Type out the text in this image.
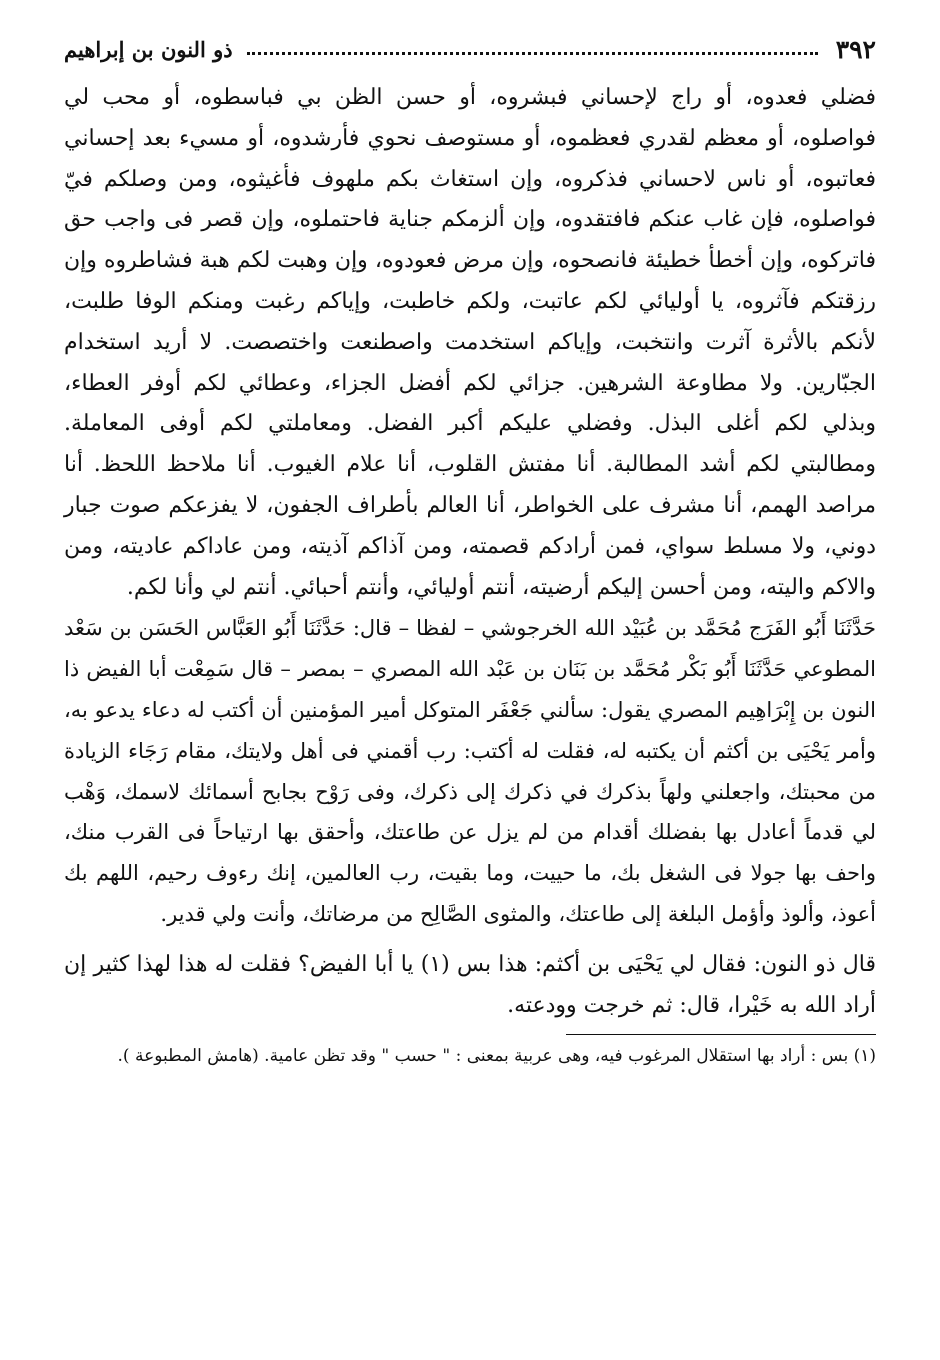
٣٩٢
ذو النون بن إبراهيم

فضلي فعدوه، أو راج لإحساني فبشروه، أو حسن الظن بي فباسطوه، أو محب لي فواصلوه، أو معظم لقدري فعظموه، أو مستوصف نحوي فأرشدوه، أو مسيء بعد إحساني فعاتبوه، أو ناس لاحساني فذكروه، وإن استغاث بكم ملهوف فأغيثوه، ومن وصلكم فيّ فواصلوه، فإن غاب عنكم فافتقدوه، وإن ألزمكم جناية فاحتملوه، وإن قصر فى واجب حق فاتركوه، وإن أخطأ خطيئة فانصحوه، وإن مرض فعودوه، وإن وهبت لكم هبة فشاطروه وإن رزقتكم فآثروه، يا أوليائي لكم عاتبت، ولكم خاطبت، وإياكم رغبت ومنكم الوفا طلبت، لأنكم بالأثرة آثرت وانتخبت، وإياكم استخدمت واصطنعت واختصصت. لا أريد استخدام الجبّارين. ولا مطاوعة الشرهين. جزائي لكم أفضل الجزاء، وعطائي لكم أوفر العطاء، وبذلي لكم أغلى البذل. وفضلي عليكم أكبر الفضل. ومعاملتي لكم أوفى المعاملة. ومطالبتي لكم أشد المطالبة. أنا مفتش القلوب، أنا علام الغيوب. أنا ملاحظ اللحظ. أنا مراصد الهمم، أنا مشرف على الخواطر، أنا العالم بأطراف الجفون، لا يفزعكم صوت جبار دوني، ولا مسلط سواي، فمن أرادكم قصمته، ومن آذاكم آذيته، ومن عاداكم عاديته، ومن والاكم واليته، ومن أحسن إليكم أرضيته، أنتم أوليائي، وأنتم أحبائي. أنتم لي وأنا لكم.

حَدَّثَنَا أَبُو الفَرَج مُحَمَّد بن عُبَيْد الله الخرجوشي – لفظا – قال: حَدَّثَنَا أَبُو العَبَّاس الحَسَن بن سَعْد المطوعي حَدَّثَنَا أَبُو بَكْر مُحَمَّد بن بَنَان بن عَبْد الله المصري – بمصر – قال سَمِعْت أبا الفيض ذا النون بن إِبْرَاهِيم المصري يقول: سألني جَعْفَر المتوكل أمير المؤمنين أن أكتب له دعاء يدعو به، وأمر يَحْيَى بن أكثم أن يكتبه له، فقلت له أكتب: رب أقمني فى أهل ولايتك، مقام رَجَاء الزيادة من محبتك، واجعلني ولهاً بذكرك في ذكرك إلى ذكرك، وفى رَوْح بجابح أسمائك لاسمك، وَهْب لي قدماً أعادل بها بفضلك أقدام من لم يزل عن طاعتك، وأحقق بها ارتياحاً فى القرب منك، واحف بها جولا فى الشغل بك، ما حييت، وما بقيت، رب العالمين، إنك رءوف رحيم، اللهم بك أعوذ، وألوذ وأؤمل البلغة إلى طاعتك، والمثوى الصَّالِح من مرضاتك، وأنت ولي قدير.

قال ذو النون: فقال لي يَحْيَى بن أكثم: هذا بس (١) يا أبا الفيض؟ فقلت له هذا لهذا كثير إن أراد الله به خَيْرا، قال: ثم خرجت وودعته.

(١) بس : أراد بها استقلال المرغوب فيه، وهى عربية بمعنى : " حسب " وقد تظن عامية. (هامش المطبوعة ).
